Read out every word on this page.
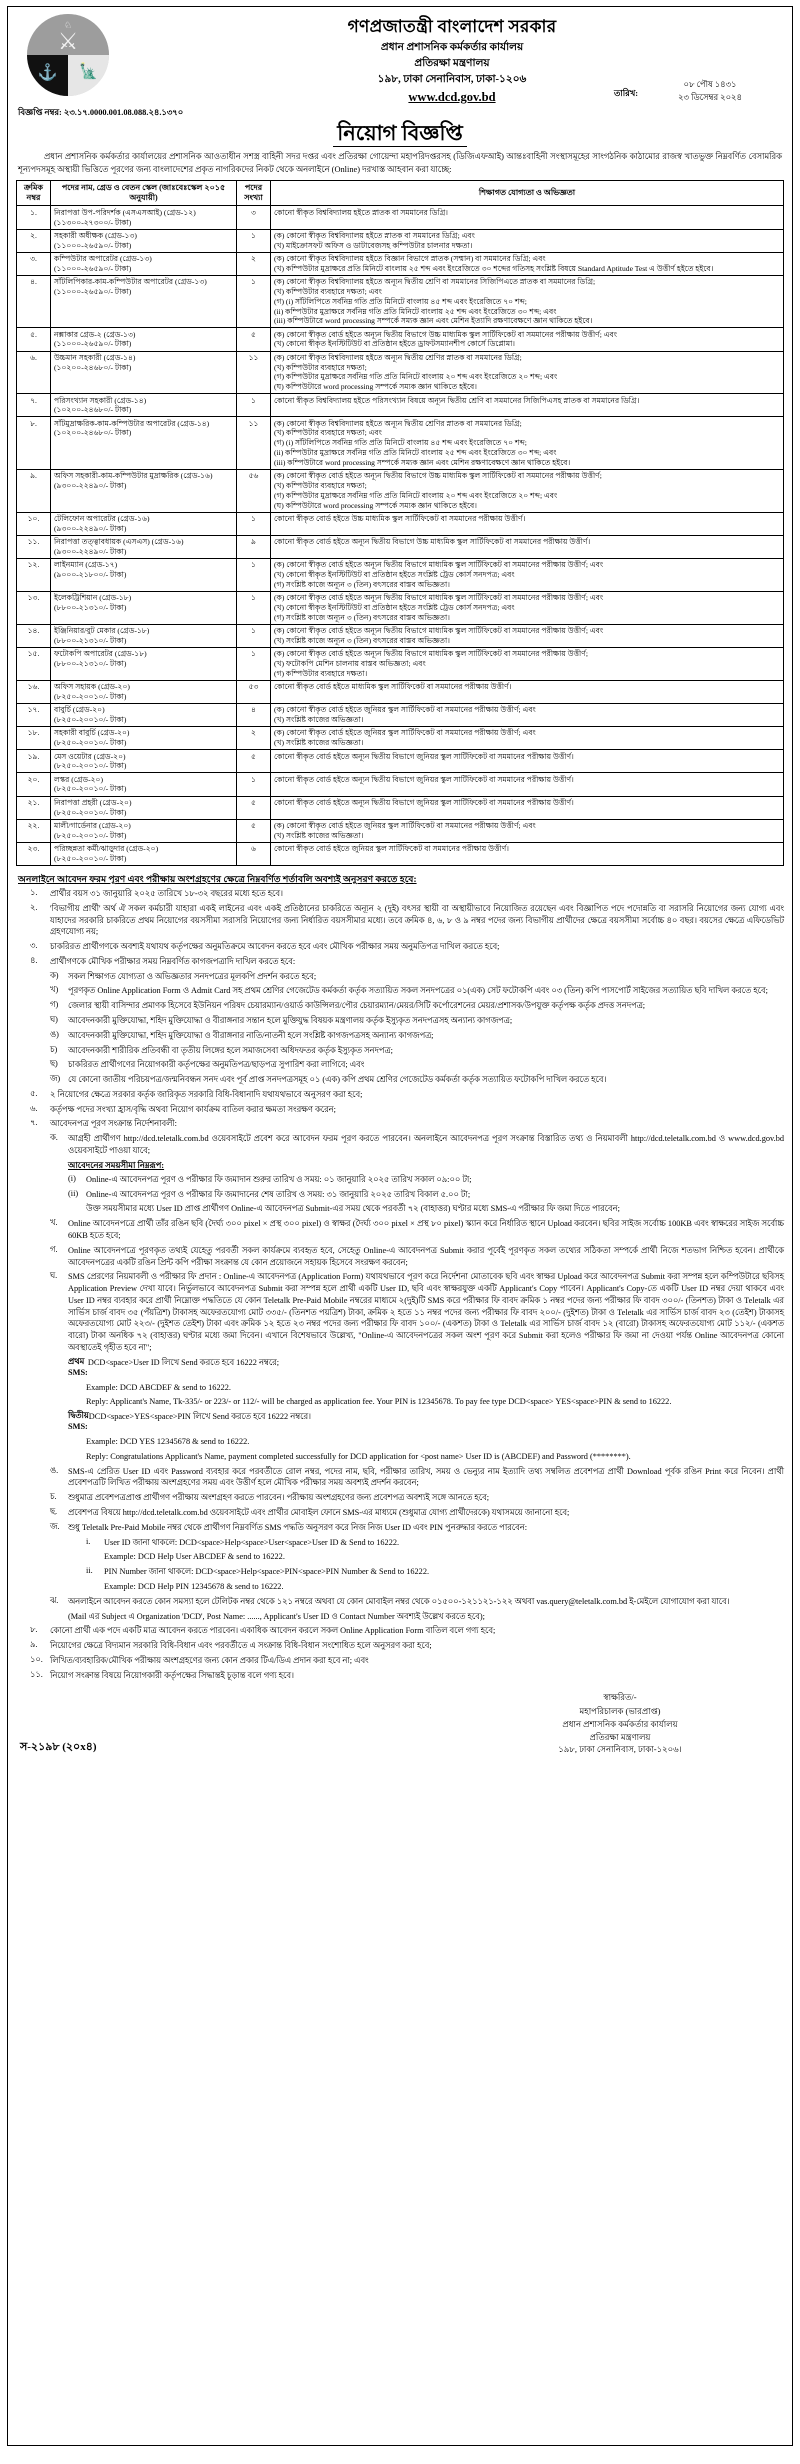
♘
⚔
⚓ 🗽
গণপ্রজাতন্ত্রী বাংলাদেশ সরকার
প্রধান প্রশাসনিক কর্মকর্তার কার্যালয়
প্রতিরক্ষা মন্ত্রণালয়
১৯৮, ঢাকা সেনানিবাস, ঢাকা-১২০৬
www.dcd.gov.bd	তারিখ:
০৮ পৌষ ১৪৩১
২৩ ডিসেম্বর ২০২৪
বিজ্ঞপ্তি নম্বর: ২৩.১৭.0000.001.08.088.২৪.১৩৭০
নিয়োগ বিজ্ঞপ্তি
প্রধান প্রশাসনিক কর্মকর্তার কার্যালয়ের প্রশাসনিক আওতাধীন সশস্ত্র বাহিনী সদর দপ্তর এবং প্রতিরক্ষা গোয়েন্দা মহাপরিদপ্তরসহ (ডিজিএফআই) আন্তঃবাহিনী সংস্থাসমূহের সাংগঠনিক কাঠামোর রাজস্ব খাতভুক্ত নিম্নবর্ণিত বেসামরিক শূন্যপদসমূহ অস্থায়ী ভিত্তিতে পূরণের জন্য বাংলাদেশের প্রকৃত নাগরিকদের নিকট থেকে অনলাইনে (Online) দরখাস্ত আহবান করা যাচ্ছে:
ক্রমিক নম্বর	পদের নাম, গ্রেড ও বেতন স্কেল (জাঃবেঃস্কেল ২০১৫ অনুযায়ী)	পদের সংখ্যা	শিক্ষাগত যোগ্যতা ও অভিজ্ঞতা
১.	নিরাপত্তা উপ-পরিদর্শক (এসএসআই) (গ্রেড-১২)
(১১৩০০-২৭৩০০/- টাকা)
	৩	কোনো স্বীকৃত বিশ্ববিদ্যালয় হইতে স্নাতক বা সমমানের ডিগ্রি।

২.	সহকারী অধীক্ষক (গ্রেড-১৩)
(১১০০০-২৬৫৯০/- টাকা)
	১	(ক) কোনো স্বীকৃত বিশ্ববিদ্যালয় হইতে স্নাতক বা সমমানের ডিগ্রি; এবং
(খ) মাইক্রোসফট অফিস ও ডাটাবেজসহ কম্পিউটার চালনার দক্ষতা।

৩.	কম্পিউটার অপারেটর (গ্রেড-১৩)
(১১০০০-২৬৫৯০/- টাকা)
	২	(ক) কোনো স্বীকৃত বিশ্ববিদ্যালয় হইতে বিজ্ঞান বিভাগে স্নাতক (সম্মান) বা সমমানের ডিগ্রি; এবং
(খ) কম্পিউটার মুদ্রাক্ষরে প্রতি মিনিটে বাংলায় ২৫ শব্দ এবং ইংরেজিতে ৩০ শব্দের গতিসহ সংশ্লিষ্ট বিষয়ে Standard Aptitude Test এ উত্তীর্ণ হইতে হইবে।

৪.	সাঁটলিপিকার-কাম-কম্পিউটার অপারেটর (গ্রেড-১৩)
(১১০০০-২৬৫৯০/- টাকা)
	১	(ক) কোনো স্বীকৃত বিশ্ববিদ্যালয় হইতে অন্যূন দ্বিতীয় শ্রেণি বা সমমানের সিজিপিএতে স্নাতক বা সমমানের ডিগ্রি;
(খ) কম্পিউটার ব্যবহারে দক্ষতা; এবং
(গ) (i) সাঁটলিপিতে সর্বনিম্ন গতি প্রতি মিনিটে বাংলায় ৪৫ শব্দ এবং ইংরেজিতে ৭০ শব্দ;
(ii) কম্পিউটার মুদ্রাক্ষরে সর্বনিম্ন গতি প্রতি মিনিটে বাংলায় ২৫ শব্দ এবং ইংরেজিতে ৩০ শব্দ; এবং
(iii) কম্পিউটারে word processing সম্পর্কে সম্যক জ্ঞান এবং মেশিন ইত্যাদি রক্ষণাবেক্ষণে জ্ঞান থাকিতে হইবে।

৫.	নক্সাকার গ্রেড-২ (গ্রেড-১৩)
(১১০০০-২৬৫৯০/- টাকা)
	৫	(ক) কোনো স্বীকৃত বোর্ড হইতে অন্যূন দ্বিতীয় বিভাগে উচ্চ মাধ্যমিক স্কুল সার্টিফিকেট বা সমমানের পরীক্ষায় উত্তীর্ণ; এবং
(খ) কোনো স্বীকৃত ইনস্টিটিউট বা প্রতিষ্ঠান হইতে ড্রাফটসম্যানশীপ কোর্সে ডিপ্লোমা।

৬.	উচ্চমান সহকারী (গ্রেড-১৪)
(১০২০০-২৪৬৮০/- টাকা)
	১১	(ক) কোনো স্বীকৃত বিশ্ববিদ্যালয় হইতে অন্যূন দ্বিতীয় শ্রেণির স্নাতক বা সমমানের ডিগ্রি;
(খ) কম্পিউটার ব্যবহারে দক্ষতা;
(গ) কম্পিউটার মুদ্রাক্ষরে সর্বনিম্ন গতি প্রতি মিনিটে বাংলায় ২০ শব্দ এবং ইংরেজিতে ২০ শব্দ; এবং
(ঘ) কম্পিউটারে word processing সম্পর্কে সম্যক জ্ঞান থাকিতে হইবে।

৭.	পরিসংখ্যান সহকারী (গ্রেড-১৪)
(১০২০০-২৪৬৮০/- টাকা)
	১	কোনো স্বীকৃত বিশ্ববিদ্যালয় হইতে পরিসংখ্যান বিষয়ে অন্যূন দ্বিতীয় শ্রেণি বা সমমানের সিজিপিএসহ স্নাতক বা সমমানের ডিগ্রি।

৮.	সাঁটমুদ্রাক্ষরিক-কাম-কম্পিউটার অপারেটর (গ্রেড-১৪)
(১০২০০-২৪৬৮০/- টাকা)
	১১	(ক) কোনো স্বীকৃত বিশ্ববিদ্যালয় হইতে অন্যূন দ্বিতীয় শ্রেণির স্নাতক বা সমমানের ডিগ্রি;
(খ) কম্পিউটার ব্যবহারে দক্ষতা; এবং
(গ) (i) সাঁটলিপিতে সর্বনিম্ন গতি প্রতি মিনিটে বাংলায় ৪৫ শব্দ এবং ইংরেজিতে ৭০ শব্দ;
(ii) কম্পিউটার মুদ্রাক্ষরে সর্বনিম্ন গতি প্রতি মিনিটে বাংলায় ২৫ শব্দ এবং ইংরেজিতে ৩০ শব্দ; এবং
(iii) কম্পিউটারে word processing সম্পর্কে সম্যক জ্ঞান এবং মেশিন রক্ষণাবেক্ষণে জ্ঞান থাকিতে হইবে।

৯.	অফিস সহকারী-কাম-কম্পিউটার মুদ্রাক্ষরিক (গ্রেড-১৬)
(৯৩০০-২২৪৯০/- টাকা)
	৫৬	(ক) কোনো স্বীকৃত বোর্ড হইতে অন্যূন দ্বিতীয় বিভাগে উচ্চ মাধ্যমিক স্কুল সার্টিফিকেট বা সমমানের পরীক্ষায় উত্তীর্ণ;
(খ) কম্পিউটার ব্যবহারে দক্ষতা;
(গ) কম্পিউটার মুদ্রাক্ষরে সর্বনিম্ন গতি প্রতি মিনিটে বাংলায় ২০ শব্দ এবং ইংরেজিতে ২০ শব্দ; এবং
(ঘ) কম্পিউটারে word processing সম্পর্কে সম্যক জ্ঞান থাকিতে হইবে।

১০.	টেলিফোন অপারেটর (গ্রেড-১৬)
(৯৩০০-২২৪৯০/- টাকা)
	১	কোনো স্বীকৃত বোর্ড হইতে উচ্চ মাধ্যমিক স্কুল সার্টিফিকেট বা সমমানের পরীক্ষায় উত্তীর্ণ।

১১.	নিরাপত্তা তত্ত্বাবধায়ক (এসএস) (গ্রেড-১৬)
(৯৩০০-২২৪৯০/- টাকা)
	৯	কোনো স্বীকৃত বোর্ড হইতে অন্যূন দ্বিতীয় বিভাগে উচ্চ মাধ্যমিক স্কুল সার্টিফিকেট বা সমমানের পরীক্ষায় উত্তীর্ণ।

১২.	লাইনম্যান (গ্রেড-১৭)
(৯০০০-২১৮০০/- টাকা)
	১	(ক) কোনো স্বীকৃত বোর্ড হইতে অন্যূন দ্বিতীয় বিভাগে মাধ্যমিক স্কুল সার্টিফিকেট বা সমমানের পরীক্ষায় উত্তীর্ণ; এবং
(খ) কোনো স্বীকৃত ইনস্টিটিউট বা প্রতিষ্ঠান হইতে সংশ্লিষ্ট ট্রেড কোর্স সনদপত্র; এবং
(গ) সংশ্লিষ্ট কাজে অন্যূন ৩ (তিন) বৎসরের বাস্তব অভিজ্ঞতা।

১৩.	ইলেকট্রিশিয়ান (গ্রেড-১৮)
(৮৮০০-২১৩১০/- টাকা)
	১	(ক) কোনো স্বীকৃত বোর্ড হইতে অন্যূন দ্বিতীয় বিভাগে মাধ্যমিক স্কুল সার্টিফিকেট বা সমমানের পরীক্ষায় উত্তীর্ণ; এবং
(খ) কোনো স্বীকৃত ইনস্টিটিউট বা প্রতিষ্ঠান হইতে সংশ্লিষ্ট ট্রেড কোর্স সনদপত্র; এবং
(গ) সংশ্লিষ্ট কাজে অন্যূন ৩ (তিন) বৎসরের বাস্তব অভিজ্ঞতা।

১৪.	ইঞ্জিনিয়ার/বুট মেকার (গ্রেড-১৮)
(৮৮০০-২১৩১০/- টাকা)
	১	(ক) কোনো স্বীকৃত বোর্ড হইতে অন্যূন দ্বিতীয় বিভাগে মাধ্যমিক স্কুল সার্টিফিকেট বা সমমানের পরীক্ষায় উত্তীর্ণ; এবং
(খ) সংশ্লিষ্ট কাজে অন্যূন ৩ (তিন) বৎসরের বাস্তব অভিজ্ঞতা।

১৫.	ফটোকপি অপারেটর (গ্রেড-১৮)
(৮৮০০-২১৩১০/- টাকা)
	১	(ক) কোনো স্বীকৃত বোর্ড হইতে অন্যূন দ্বিতীয় বিভাগে মাধ্যমিক স্কুল সার্টিফিকেট বা সমমানের পরীক্ষায় উত্তীর্ণ;
(খ) ফটোকপি মেশিন চালনায় বাস্তব অভিজ্ঞতা; এবং
(গ) কম্পিউটার ব্যবহারে দক্ষতা।

১৬.	অফিস সহায়ক (গ্রেড-২০)
(৮২৫০-২০০১০/- টাকা)
	৫৩	কোনো স্বীকৃত বোর্ড হইতে মাধ্যমিক স্কুল সার্টিফিকেট বা সমমানের পরীক্ষায় উত্তীর্ণ।

১৭.	বাবুর্চি (গ্রেড-২০)
(৮২৫০-২০০১০/- টাকা)
	৪	(ক) কোনো স্বীকৃত বোর্ড হইতে জুনিয়র স্কুল সার্টিফিকেট বা সমমানের পরীক্ষায় উত্তীর্ণ; এবং
(খ) সংশ্লিষ্ট কাজের অভিজ্ঞতা।

১৮.	সহকারী বাবুর্চি (গ্রেড-২০)
(৮২৫০-২০০১০/- টাকা)
	২	(ক) কোনো স্বীকৃত বোর্ড হইতে জুনিয়র স্কুল সার্টিফিকেট বা সমমানের পরীক্ষায় উত্তীর্ণ; এবং
(খ) সংশ্লিষ্ট কাজের অভিজ্ঞতা।

১৯.	মেস ওয়েটার (গ্রেড-২০)
(৮২৫০-২০০১০/- টাকা)
	৫	কোনো স্বীকৃত বোর্ড হইতে অন্যূন দ্বিতীয় বিভাগে জুনিয়র স্কুল সার্টিফিকেট বা সমমানের পরীক্ষায় উত্তীর্ণ।

২০.	লস্কর (গ্রেড-২০)
(৮২৫০-২০০১০/- টাকা)
	১	কোনো স্বীকৃত বোর্ড হইতে অন্যূন দ্বিতীয় বিভাগে জুনিয়র স্কুল সার্টিফিকেট বা সমমানের পরীক্ষায় উত্তীর্ণ।

২১.	নিরাপত্তা প্রহরী (গ্রেড-২০)
(৮২৫০-২০০১০/- টাকা)
	৫	কোনো স্বীকৃত বোর্ড হইতে অন্যূন দ্বিতীয় বিভাগে জুনিয়র স্কুল সার্টিফিকেট বা সমমানের পরীক্ষায় উত্তীর্ণ।

২২.	মালী/গার্ডেনার (গ্রেড-২০)
(৮২৫০-২০০১০/- টাকা)
	৫	(ক) কোনো স্বীকৃত বোর্ড হইতে জুনিয়র স্কুল সার্টিফিকেট বা সমমানের পরীক্ষায় উত্তীর্ণ; এবং
(খ) সংশ্লিষ্ট কাজের অভিজ্ঞতা।

২৩.	পরিচ্ছন্নতা কর্মী/ঝাড়ুদার (গ্রেড-২০)
(৮২৫০-২০০১০/- টাকা)
	৬	কোনো স্বীকৃত বোর্ড হইতে জুনিয়র স্কুল সার্টিফিকেট বা সমমানের পরীক্ষায় উত্তীর্ণ।
অনলাইনে আবেদন ফরম পূরণ এবং পরীক্ষায় অংশগ্রহণের ক্ষেত্রে নিম্নবর্ণিত শর্তাবলি অবশ্যই অনুসরণ করতে হবে:
১.	প্রার্থীর বয়স ৩১ জানুয়ারি ২০২৫ তারিখে ১৮-৩২ বছরের মধ্যে হতে হবে।
২.	'বিভাগীয় প্রার্থী' অর্থ ঐ সকল কর্মচারী যাহারা একই লাইনের এবং একই প্রতিষ্ঠানের চাকরিতে অন্যূন ২ (দুই) বৎসর স্থায়ী বা অস্থায়ীভাবে নিয়োজিত রয়েছেন এবং বিজ্ঞাপিত পদে পদোন্নতি বা সরাসরি নিয়োগের জন্য যোগ্য এবং যাহাদের সরকারি চাকরিতে প্রথম নিয়োগের বয়সসীমা সরাসরি নিয়োগের জন্য নির্ধারিত বয়সসীমার মধ্যে। তবে ক্রমিক ৪, ৬, ৮ ও ৯ নম্বর পদের জন্য বিভাগীয় প্রার্থীদের ক্ষেত্রে বয়সসীমা সর্বোচ্চ ৪০ বছর। বয়সের ক্ষেত্রে এফিডেভিট গ্রহণযোগ্য নয়;
৩.	চাকরিরত প্রার্থীগণকে অবশ্যই যথাযথ কর্তৃপক্ষের অনুমতিক্রমে আবেদন করতে হবে এবং মৌখিক পরীক্ষার সময় অনুমতিপত্র দাখিল করতে হবে;
৪.	প্রার্থীগণকে মৌখিক পরীক্ষার সময় নিম্নবর্ণিত কাগজপত্রাদি দাখিল করতে হবে:
ক)	সকল শিক্ষাগত যোগ্যতা ও অভিজ্ঞতার সনদপত্রের মূলকপি প্রদর্শন করতে হবে;
খ)	পূরণকৃত Online Application Form ও Admit Card সহ প্রথম শ্রেণির গেজেটেড কর্মকর্তা কর্তৃক সত্যায়িত সকল সনদপত্রের ০১(এক) সেট ফটোকপি এবং ০৩ (তিন) কপি পাসপোর্ট সাইজের সত্যায়িত ছবি দাখিল করতে হবে;
গ)	জেলার স্থায়ী বাসিন্দার প্রমাণক হিসেবে ইউনিয়ন পরিষদ চেয়ারম্যান/ওয়ার্ড কাউন্সিলর/পৌর চেয়ারম্যান/মেয়র/সিটি কর্পোরেশনের মেয়র/প্রশাসক/উপযুক্ত কর্তৃপক্ষ কর্তৃক প্রদত্ত সনদপত্র;
ঘ)	আবেদনকারী মুক্তিযোদ্ধা, শহিদ মুক্তিযোদ্ধা ও বীরাঙ্গনার সন্তান হলে মুক্তিযুদ্ধ বিষয়ক মন্ত্রণালয় কর্তৃক ইস্যুকৃত সনদপত্রসহ অন্যান্য কাগজপত্র;
ঙ)	আবেদনকারী মুক্তিযোদ্ধা, শহিদ মুক্তিযোদ্ধা ও বীরাঙ্গনার নাতি/নাতনী হলে সংশ্লিষ্ট কাগজপত্রসহ অন্যান্য কাগজপত্র;
চ)	আবেদনকারী শারীরিক প্রতিবন্ধী বা তৃতীয় লিঙ্গের হলে সমাজসেবা অধিদফতর কর্তৃক ইস্যুকৃত সনদপত্র;
ছ)	চাকরিরত প্রার্থীগণের নিয়োগকারী কর্তৃপক্ষের অনুমতিপত্র/ছাড়পত্র সুপারিশ করা লাগিবে; এবং
জ) যে কোনো জাতীয় পরিচয়পত্র/জন্মনিবন্ধন সনদ এবং পূর্ব প্রাপ্ত সনদপত্রসমূহ ০১ (এক) কপি প্রথম শ্রেণির গেজেটেড কর্মকর্তা কর্তৃক সত্যায়িত ফটোকপি দাখিল করতে হবে।
৫.	২ নিয়োগের ক্ষেত্রে সরকার কর্তৃক জারিকৃত সরকারি বিধি-বিধানাদি যথাযথভাবে অনুসরণ করা হবে;
৬.	কর্তৃপক্ষ পদের সংখ্যা হ্রাস/বৃদ্ধি অথবা নিয়োগ কার্যক্রম বাতিল করার ক্ষমতা সংরক্ষণ করেন;
৭.	আবেদনপত্র পূরণ সংক্রান্ত নির্দেশনাবলী:
ক.	আগ্রহী প্রার্থীগণ http://dcd.teletalk.com.bd ওয়েবসাইটে প্রবেশ করে আবেদন ফরম পূরণ করতে পারবেন। অনলাইনে আবেদনপত্র পূরণ সংক্রান্ত বিস্তারিত তথ্য ও নিয়মাবলী http://dcd.teletalk.com.bd ও www.dcd.gov.bd ওয়েবসাইটে পাওয়া যাবে;
আবেদনের সময়সীমা নিম্নরূপ:
(i)	Online-এ আবেদনপত্র পূরণ ও পরীক্ষার ফি জমাদান শুরুর তারিখ ও সময়: ০১ জানুয়ারি ২০২৫ তারিখ সকাল ০৯:০০ টা;
(ii) Online-এ আবেদনপত্র পূরণ ও পরীক্ষার ফি জমাদানের শেষ তারিখ ও সময়: ৩১ জানুয়ারি ২০২৫ তারিখ বিকাল ৫.০০ টা;
উক্ত সময়সীমার মধ্যে User ID প্রাপ্ত প্রার্থীগণ Online-এ আবেদনপত্র Submit-এর সময় থেকে পরবর্তী ৭২ (বাহাত্তর) ঘণ্টার মধ্যে SMS-এ পরীক্ষার ফি জমা দিতে পারবেন;
খ.	Online আবেদনপত্রে প্রার্থী তাঁর রঙিন ছবি (দৈর্ঘ্য ৩০০ pixel × প্রস্থ ৩০০ pixel) ও স্বাক্ষর (দৈর্ঘ্য ৩০০ pixel × প্রস্থ ৮০ pixel) স্ক্যান করে নির্ধারিত স্থানে Upload করবেন। ছবির সাইজ সর্বোচ্চ 100KB এবং স্বাক্ষরের সাইজ সর্বোচ্চ 60KB হতে হবে;
গ.	Online আবেদনপত্রে পূরণকৃত তথ্যই যেহেতু পরবর্তী সকল কার্যক্রমে ব্যবহৃত হবে, সেহেতু Online-এ আবেদনপত্র Submit করার পূর্বেই পূরণকৃত সকল তথ্যের সঠিকতা সম্পর্কে প্রার্থী নিজে শতভাগ নিশ্চিত হবেন। প্রার্থীকে আবেদনপত্রের একটি রঙিন প্রিন্ট কপি পরীক্ষা সংক্রান্ত যে কোন প্রয়োজনে সহায়ক হিসেবে সংরক্ষণ করবেন;
ঘ.	SMS প্রেরণের নিয়মাবলী ও পরীক্ষার ফি প্রদান : Online-এ আবেদনপত্র (Application Form) যথাযথভাবে পূরণ করে নির্দেশনা মোতাবেক ছবি এবং স্বাক্ষর Upload করে আবেদনপত্র Submit করা সম্পন্ন হলে কম্পিউটারে ছবিসহ Application Preview দেখা যাবে। নির্ভুলভাবে আবেদনপত্র Submit করা সম্পন্ন হলে প্রার্থী একটি User ID, ছবি এবং স্বাক্ষরযুক্ত একটি Applicant's Copy পাবেন। Applicant's Copy-তে একটি User ID নম্বর দেয়া থাকবে এবং User ID নম্বর ব্যবহার করে প্রার্থী নিম্নোক্ত পদ্ধতিতে যে কোন Teletalk Pre-Paid Mobile নম্বরের মাধ্যমে ২(দুই)টি SMS করে পরীক্ষার ফি বাবদ ক্রমিক ১ নম্বর পদের জন্য পরীক্ষার ফি বাবদ ৩০০/- (তিনশত) টাকা ও Teletalk এর সার্ভিস চার্জ বাবদ ৩৫ (পঁয়ত্রিশ) টাকাসহ অফেরতযোগ্য মোট ৩৩৫/- (তিনশত পয়ত্রিশ) টাকা, ক্রমিক ২ হতে ১১ নম্বর পদের জন্য পরীক্ষার ফি বাবদ ২০০/- (দুইশত) টাকা ও Teletalk এর সার্ভিস চার্জ বাবদ ২৩ (তেইশ) টাকাসহ অফেরতযোগ্য মোট ২২৩/- (দুইশত তেইশ) টাকা এবং ক্রমিক ১২ হতে ২৩ নম্বর পদের জন্য পরীক্ষার ফি বাবদ ১০০/- (একশত) টাকা ও Teletalk এর সার্ভিস চার্জ বাবদ ১২ (বারো) টাকাসহ অফেরতযোগ্য মোট ১১২/- (একশত বারো) টাকা অনধিক ৭২ (বাহাত্তর) ঘণ্টার মধ্যে জমা দিবেন। এখানে বিশেষভাবে উল্লেখ্য, "Online-এ আবেদনপত্রের সকল অংশ পূরণ করে Submit করা হলেও পরীক্ষার ফি জমা না দেওয়া পর্যন্ত Online আবেদনপত্র কোনো অবস্থাতেই গৃহীত হবে না";
প্রথম SMS:
DCD<space>User ID লিখে Send করতে হবে 16222 নম্বরে;
Example: DCD ABCDEF & send to 16222.
Reply: Applicant's Name, Tk-335/- or 223/- or 112/- will be charged as application fee. Your PIN is 12345678. To pay fee type DCD<space> YES<space>PIN & send to 16222.
দ্বিতীয় SMS:
DCD<space>YES<space>PIN লিখে Send করতে হবে 16222 নম্বরে।
Example: DCD YES 12345678 & send to 16222.
Reply: Congratulations Applicant's Name, payment completed successfully for DCD application for <post name> User ID is (ABCDEF) and Password (********).
ঙ.	SMS-এ প্রেরিত User ID এবং Password ব্যবহার করে পরবর্তীতে রোল নম্বর, পদের নাম, ছবি, পরীক্ষার তারিখ, সময় ও ভেন্যুর নাম ইত্যাদি তথ্য সম্বলিত প্রবেশপত্র প্রার্থী Download পূর্বক রঙিন Print করে নিবেন। প্রার্থী প্রবেশপত্রটি লিখিত পরীক্ষায় অংশগ্রহণের সময় এবং উত্তীর্ণ হলে মৌখিক পরীক্ষার সময় অবশ্যই প্রদর্শন করবেন;
চ.	শুধুমাত্র প্রবেশপত্রপ্রাপ্ত প্রার্থীগণ পরীক্ষায় অংশগ্রহণ করতে পারবেন। পরীক্ষায় অংশগ্রহণের জন্য প্রবেশপত্র অবশ্যই সঙ্গে আনতে হবে;
ছ.	প্রবেশপত্র বিষয়ে http://dcd.teletalk.com.bd ওয়েবসাইটে এবং প্রার্থীর মোবাইল ফোনে SMS-এর মাধ্যমে (শুধুমাত্র যোগ্য প্রার্থীদেরকে) যথাসময়ে জানানো হবে;
জ.	শুধু Teletalk Pre-Paid Mobile নম্বর থেকে প্রার্থীগণ নিম্নবর্ণিত SMS পদ্ধতি অনুসরণ করে নিজ নিজ User ID এবং PIN পুনরুদ্ধার করতে পারবেন:
i.	User ID জানা থাকলে: DCD<space>Help<space>User<space>User ID & Send to 16222.
Example: DCD Help User ABCDEF & send to 16222.
ii.	PIN Number জানা থাকলে: DCD<space>Help<space>PIN<space>PIN Number & Send to 16222.
Example: DCD Help PIN 12345678 & send to 16222.
ঝ.	অনলাইনে আবেদন করতে কোন সমস্যা হলে টেলিটক নম্বর থেকে ১২১ নম্বরে অথবা যে কোন মোবাইল নম্বর থেকে ০১৫০০-১২১১২১-১২২ অথবা vas.query@teletalk.com.bd ই-মেইলে যোগাযোগ করা যাবে।
(Mail এর Subject এ Organization 'DCD', Post Name: ......, Applicant's User ID ও Contact Number অবশ্যই উল্লেখ করতে হবে);
৮.	কোনো প্রার্থী এক পদে একটি মাত্র আবেদন করতে পারবেন। একাধিক আবেদন করলে সকল Online Application Form বাতিল বলে গণ্য হবে;
৯.	নিয়োগের ক্ষেত্রে বিদ্যমান সরকারি বিধি-বিধান এবং পরবর্তীতে এ সংক্রান্ত বিধি-বিধান সংশোধিত হলে অনুসরণ করা হবে;
১০. লিখিত/ব্যবহারিক/মৌখিক পরীক্ষায় অংশগ্রহণের জন্য কোন প্রকার টিএ/ডিএ প্রদান করা হবে না; এবং
১১. নিয়োগ সংক্রান্ত বিষয়ে নিয়োগকারী কর্তৃপক্ষের সিদ্ধান্তই চূড়ান্ত বলে গণ্য হবে।
স-২১৯৮ (২০x৪)
স্বাক্ষরিত/-
মহাপরিচালক (ভারপ্রাপ্ত)
প্রধান প্রশাসনিক কর্মকর্তার কার্যালয়
প্রতিরক্ষা মন্ত্রণালয়
১৯৮, ঢাকা সেনানিবাস, ঢাকা-১২০৬।
